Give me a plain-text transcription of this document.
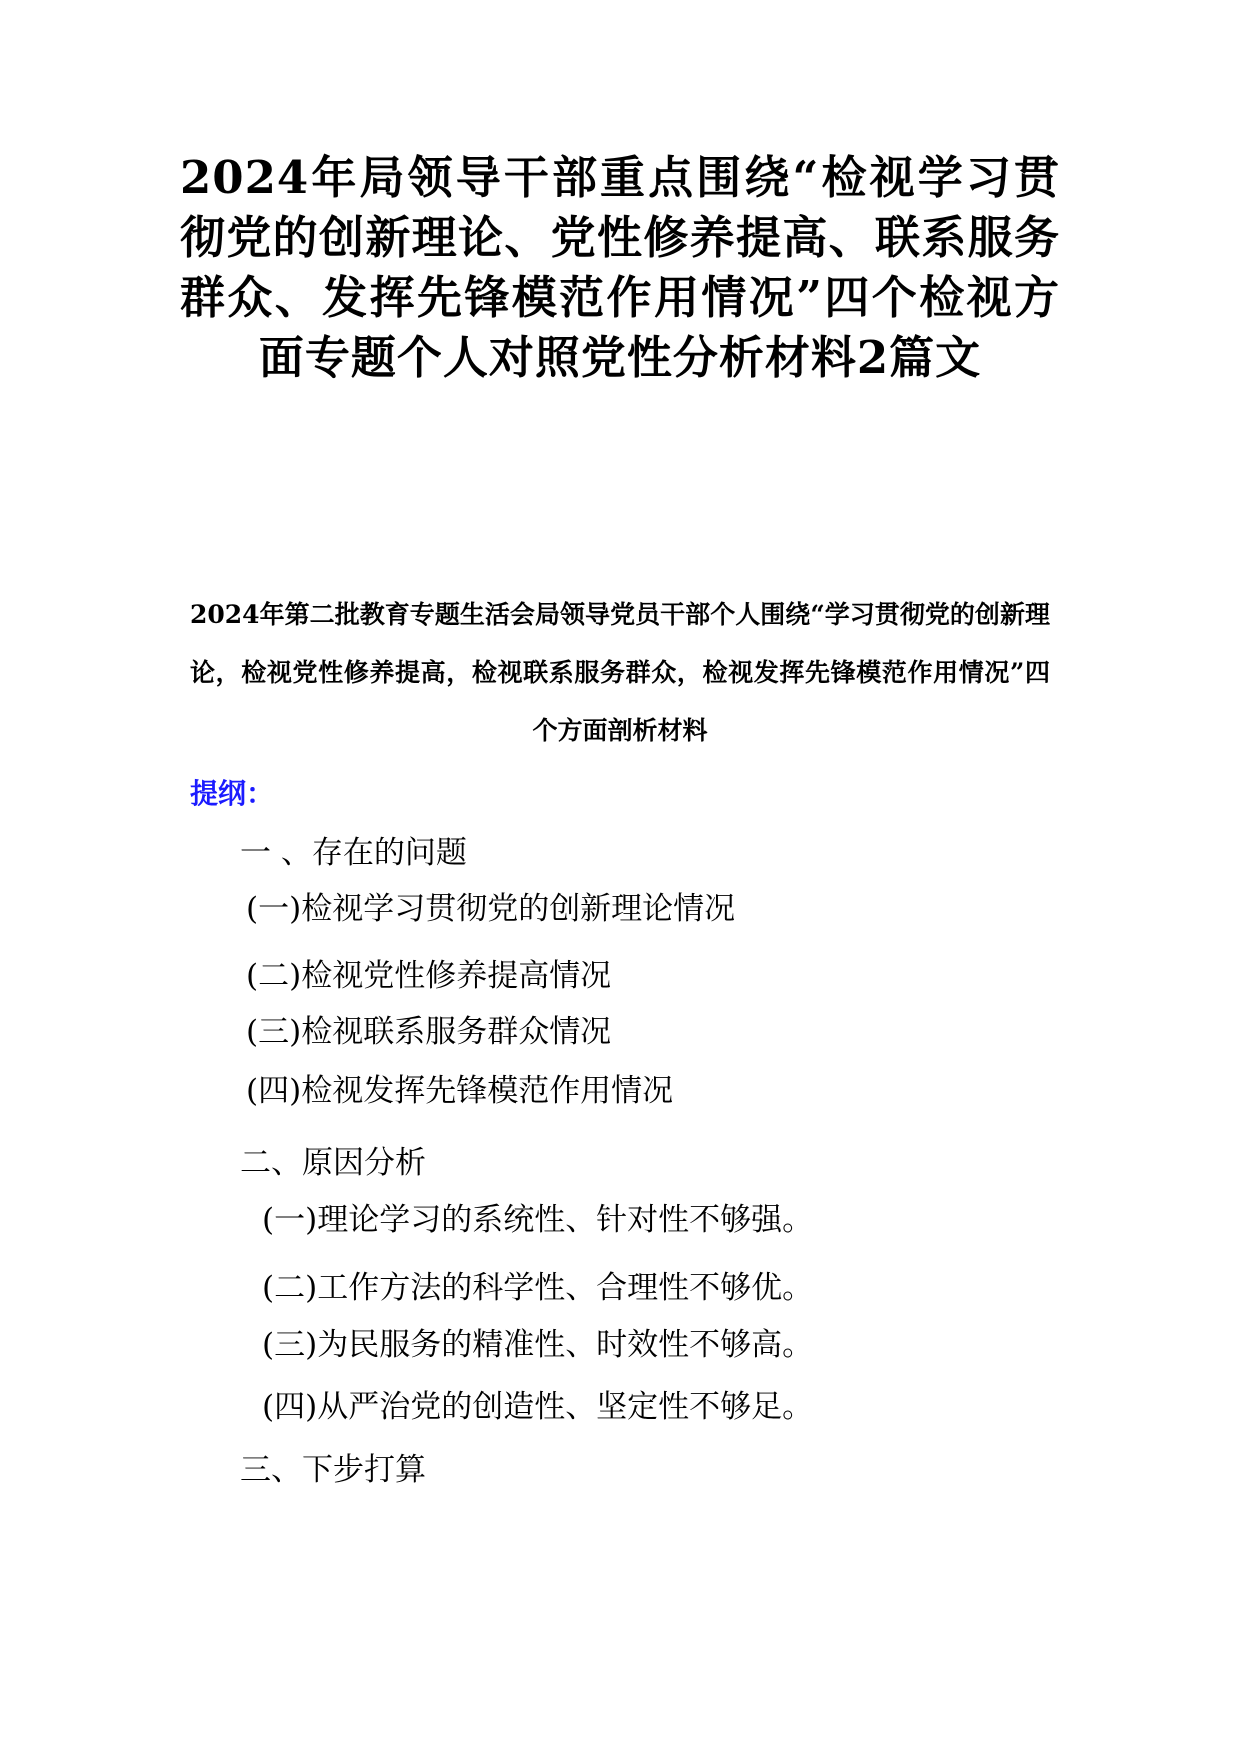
2024年局领导干部重点围绕“检视学习贯彻党的创新理论、党性修养提高、联系服务群众、发挥先锋模范作用情况”四个检视方面专题个人对照党性分析材料2篇文

2024年第二批教育专题生活会局领导党员干部个人围绕“学习贯彻党的创新理论，检视党性修养提高，检视联系服务群众，检视发挥先锋模范作用情况”四个方面剖析材料

提纲：

一 、存在的问题

(一)检视学习贯彻党的创新理论情况

(二)检视党性修养提高情况

(三)检视联系服务群众情况

(四)检视发挥先锋模范作用情况

二、原因分析

(一)理论学习的系统性、针对性不够强。

(二)工作方法的科学性、合理性不够优。

(三)为民服务的精准性、时效性不够高。

(四)从严治党的创造性、坚定性不够足。

三、下步打算
